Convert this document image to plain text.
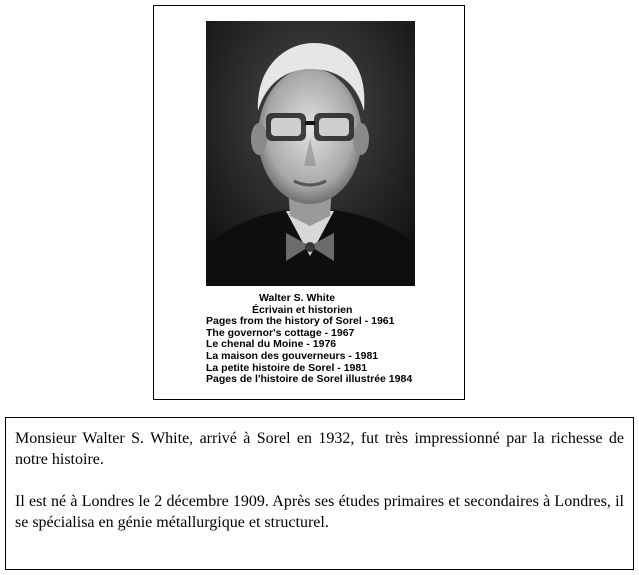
Walter S. White
Écrivain et historien
Pages from the history of Sorel - 1961
The governor's cottage - 1967
Le chenal du Moine - 1976
La maison des gouverneurs - 1981
La petite histoire de Sorel - 1981
Pages de l'histoire de Sorel illustrée 1984

Monsieur Walter S. White, arrivé à Sorel en 1932, fut très impressionné par la richesse de notre histoire.

Il est né à Londres le 2 décembre 1909. Après ses études primaires et secondaires à Londres, il se spécialisa en génie métallurgique et structurel.
